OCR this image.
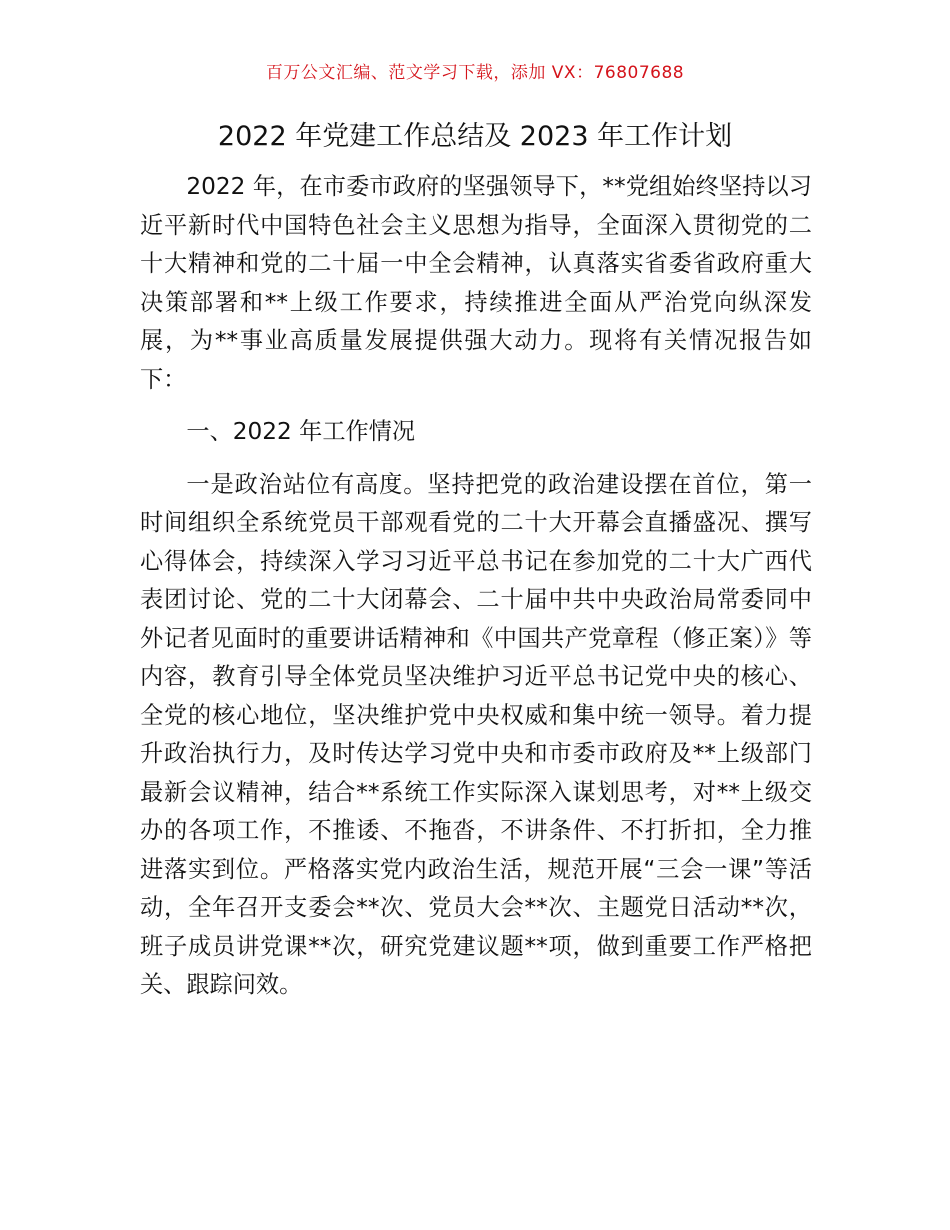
百万公文汇编、范文学习下载，添加 VX：76807688
2022 年党建工作总结及 2023 年工作计划

2022 年，在市委市政府的坚强领导下，**党组始终坚持以习近平新时代中国特色社会主义思想为指导，全面深入贯彻党的二十大精神和党的二十届一中全会精神，认真落实省委省政府重大决策部署和**上级工作要求，持续推进全面从严治党向纵深发展，为**事业高质量发展提供强大动力。现将有关情况报告如下：

一、2022 年工作情况

一是政治站位有高度。坚持把党的政治建设摆在首位，第一时间组织全系统党员干部观看党的二十大开幕会直播盛况、撰写心得体会，持续深入学习习近平总书记在参加党的二十大广西代表团讨论、党的二十大闭幕会、二十届中共中央政治局常委同中外记者见面时的重要讲话精神和《中国共产党章程（修正案）》等内容，教育引导全体党员坚决维护习近平总书记党中央的核心、全党的核心地位，坚决维护党中央权威和集中统一领导。着力提升政治执行力，及时传达学习党中央和市委市政府及**上级部门最新会议精神，结合**系统工作实际深入谋划思考，对**上级交办的各项工作，不推诿、不拖沓，不讲条件、不打折扣，全力推进落实到位。严格落实党内政治生活，规范开展“三会一课”等活动，全年召开支委会**次、党员大会**次、主题党日活动**次，班子成员讲党课**次，研究党建议题**项，做到重要工作严格把关、跟踪问效。
